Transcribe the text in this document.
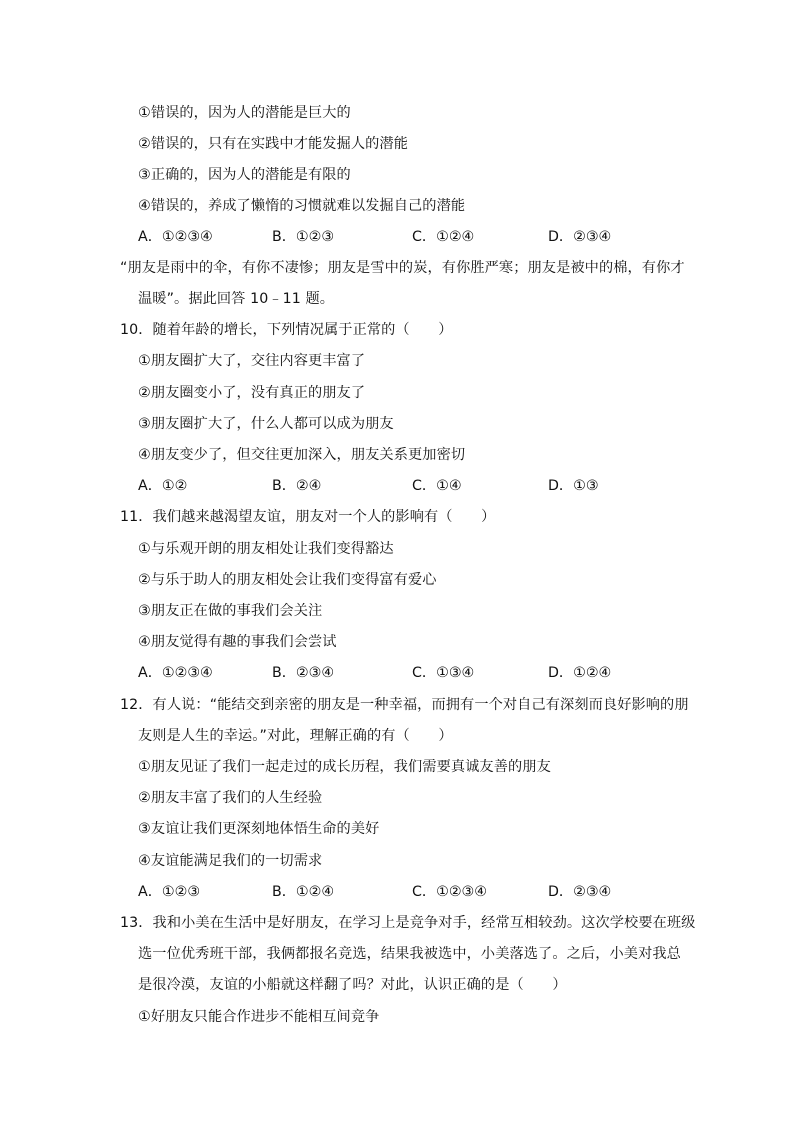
①错误的，因为人的潜能是巨大的
②错误的，只有在实践中才能发掘人的潜能
③正确的，因为人的潜能是有限的
④错误的，养成了懒惰的习惯就难以发掘自己的潜能
A．①②③④	B．①②③	C．①②④	D．②③④
“朋友是雨中的伞，有你不凄惨；朋友是雪中的炭，有你胜严寒；朋友是被中的棉，有你才
温暖”。据此回答 10﹣11 题。
10．随着年龄的增长，下列情况属于正常的（　　）
①朋友圈扩大了，交往内容更丰富了
②朋友圈变小了，没有真正的朋友了
③朋友圈扩大了，什么人都可以成为朋友
④朋友变少了，但交往更加深入，朋友关系更加密切
A．①②	B．②④	C．①④	D．①③
11．我们越来越渴望友谊，朋友对一个人的影响有（　　）
①与乐观开朗的朋友相处让我们变得豁达
②与乐于助人的朋友相处会让我们变得富有爱心
③朋友正在做的事我们会关注
④朋友觉得有趣的事我们会尝试
A．①②③④	B．②③④	C．①③④	D．①②④
12．有人说：“能结交到亲密的朋友是一种幸福，而拥有一个对自己有深刻而良好影响的朋
友则是人生的幸运。”对此，理解正确的有（　　）
①朋友见证了我们一起走过的成长历程，我们需要真诚友善的朋友
②朋友丰富了我们的人生经验
③友谊让我们更深刻地体悟生命的美好
④友谊能满足我们的一切需求
A．①②③	B．①②④	C．①②③④	D．②③④
13．我和小美在生活中是好朋友，在学习上是竞争对手，经常互相较劲。这次学校要在班级
选一位优秀班干部，我俩都报名竞选，结果我被选中，小美落选了。之后，小美对我总
是很冷漠，友谊的小船就这样翻了吗？对此，认识正确的是（　　）
①好朋友只能合作进步不能相互间竞争
